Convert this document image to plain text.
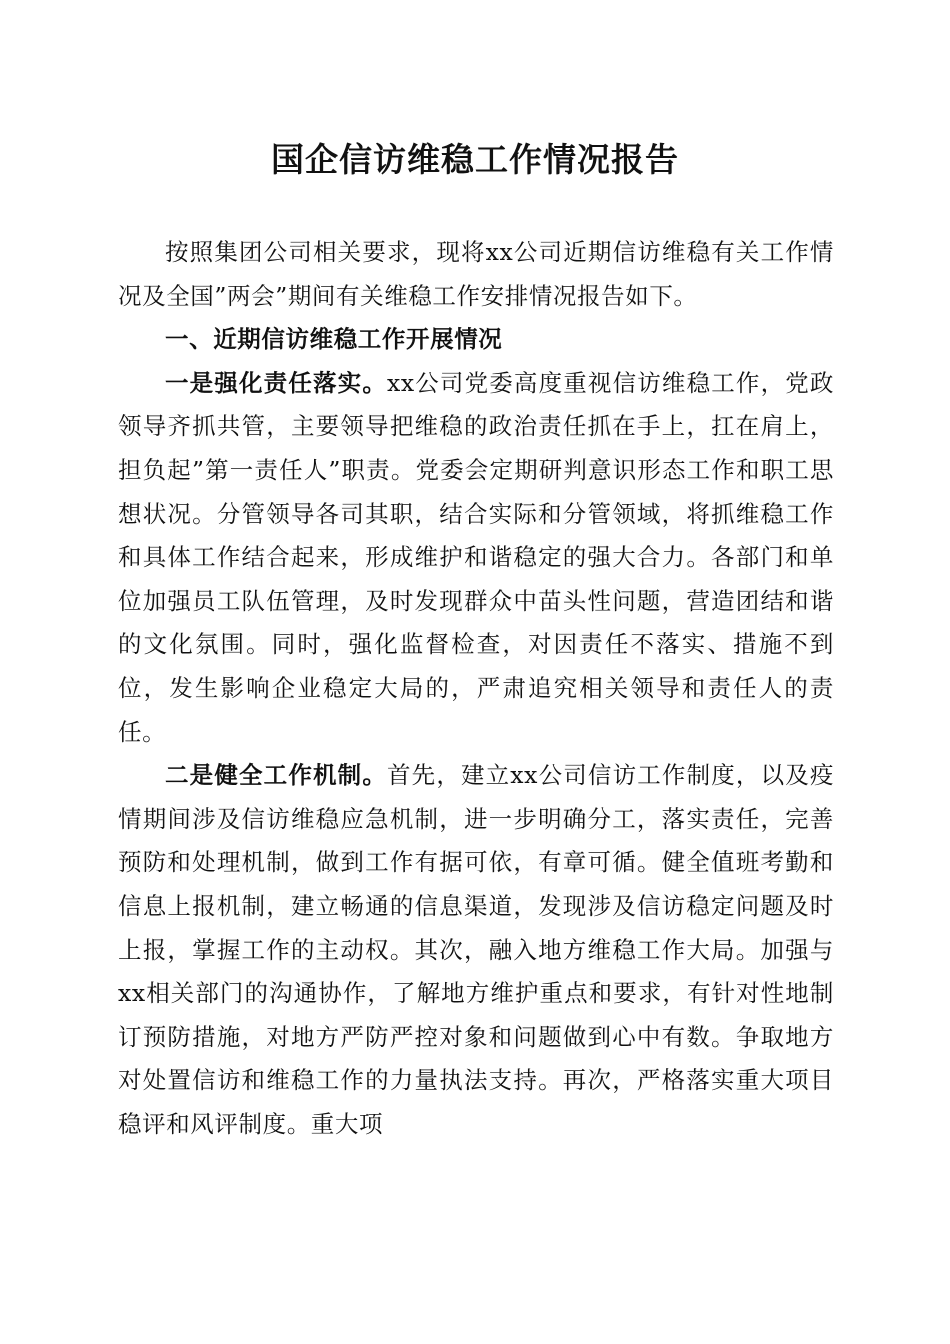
国企信访维稳工作情况报告

按照集团公司相关要求，现将xx公司近期信访维稳有关工作情况及全国”两会”期间有关维稳工作安排情况报告如下。

一、近期信访维稳工作开展情况

一是强化责任落实。xx公司党委高度重视信访维稳工作，党政领导齐抓共管，主要领导把维稳的政治责任抓在手上，扛在肩上，担负起”第一责任人”职责。党委会定期研判意识形态工作和职工思想状况。分管领导各司其职，结合实际和分管领域，将抓维稳工作和具体工作结合起来，形成维护和谐稳定的强大合力。各部门和单位加强员工队伍管理，及时发现群众中苗头性问题，营造团结和谐的文化氛围。同时，强化监督检查，对因责任不落实、措施不到位，发生影响企业稳定大局的，严肃追究相关领导和责任人的责任。

二是健全工作机制。首先，建立xx公司信访工作制度，以及疫情期间涉及信访维稳应急机制，进一步明确分工，落实责任，完善预防和处理机制，做到工作有据可依，有章可循。健全值班考勤和信息上报机制，建立畅通的信息渠道，发现涉及信访稳定问题及时上报，掌握工作的主动权。其次，融入地方维稳工作大局。加强与xx相关部门的沟通协作，了解地方维护重点和要求，有针对性地制订预防措施，对地方严防严控对象和问题做到心中有数。争取地方对处置信访和维稳工作的力量执法支持。再次，严格落实重大项目稳评和风评制度。重大项
